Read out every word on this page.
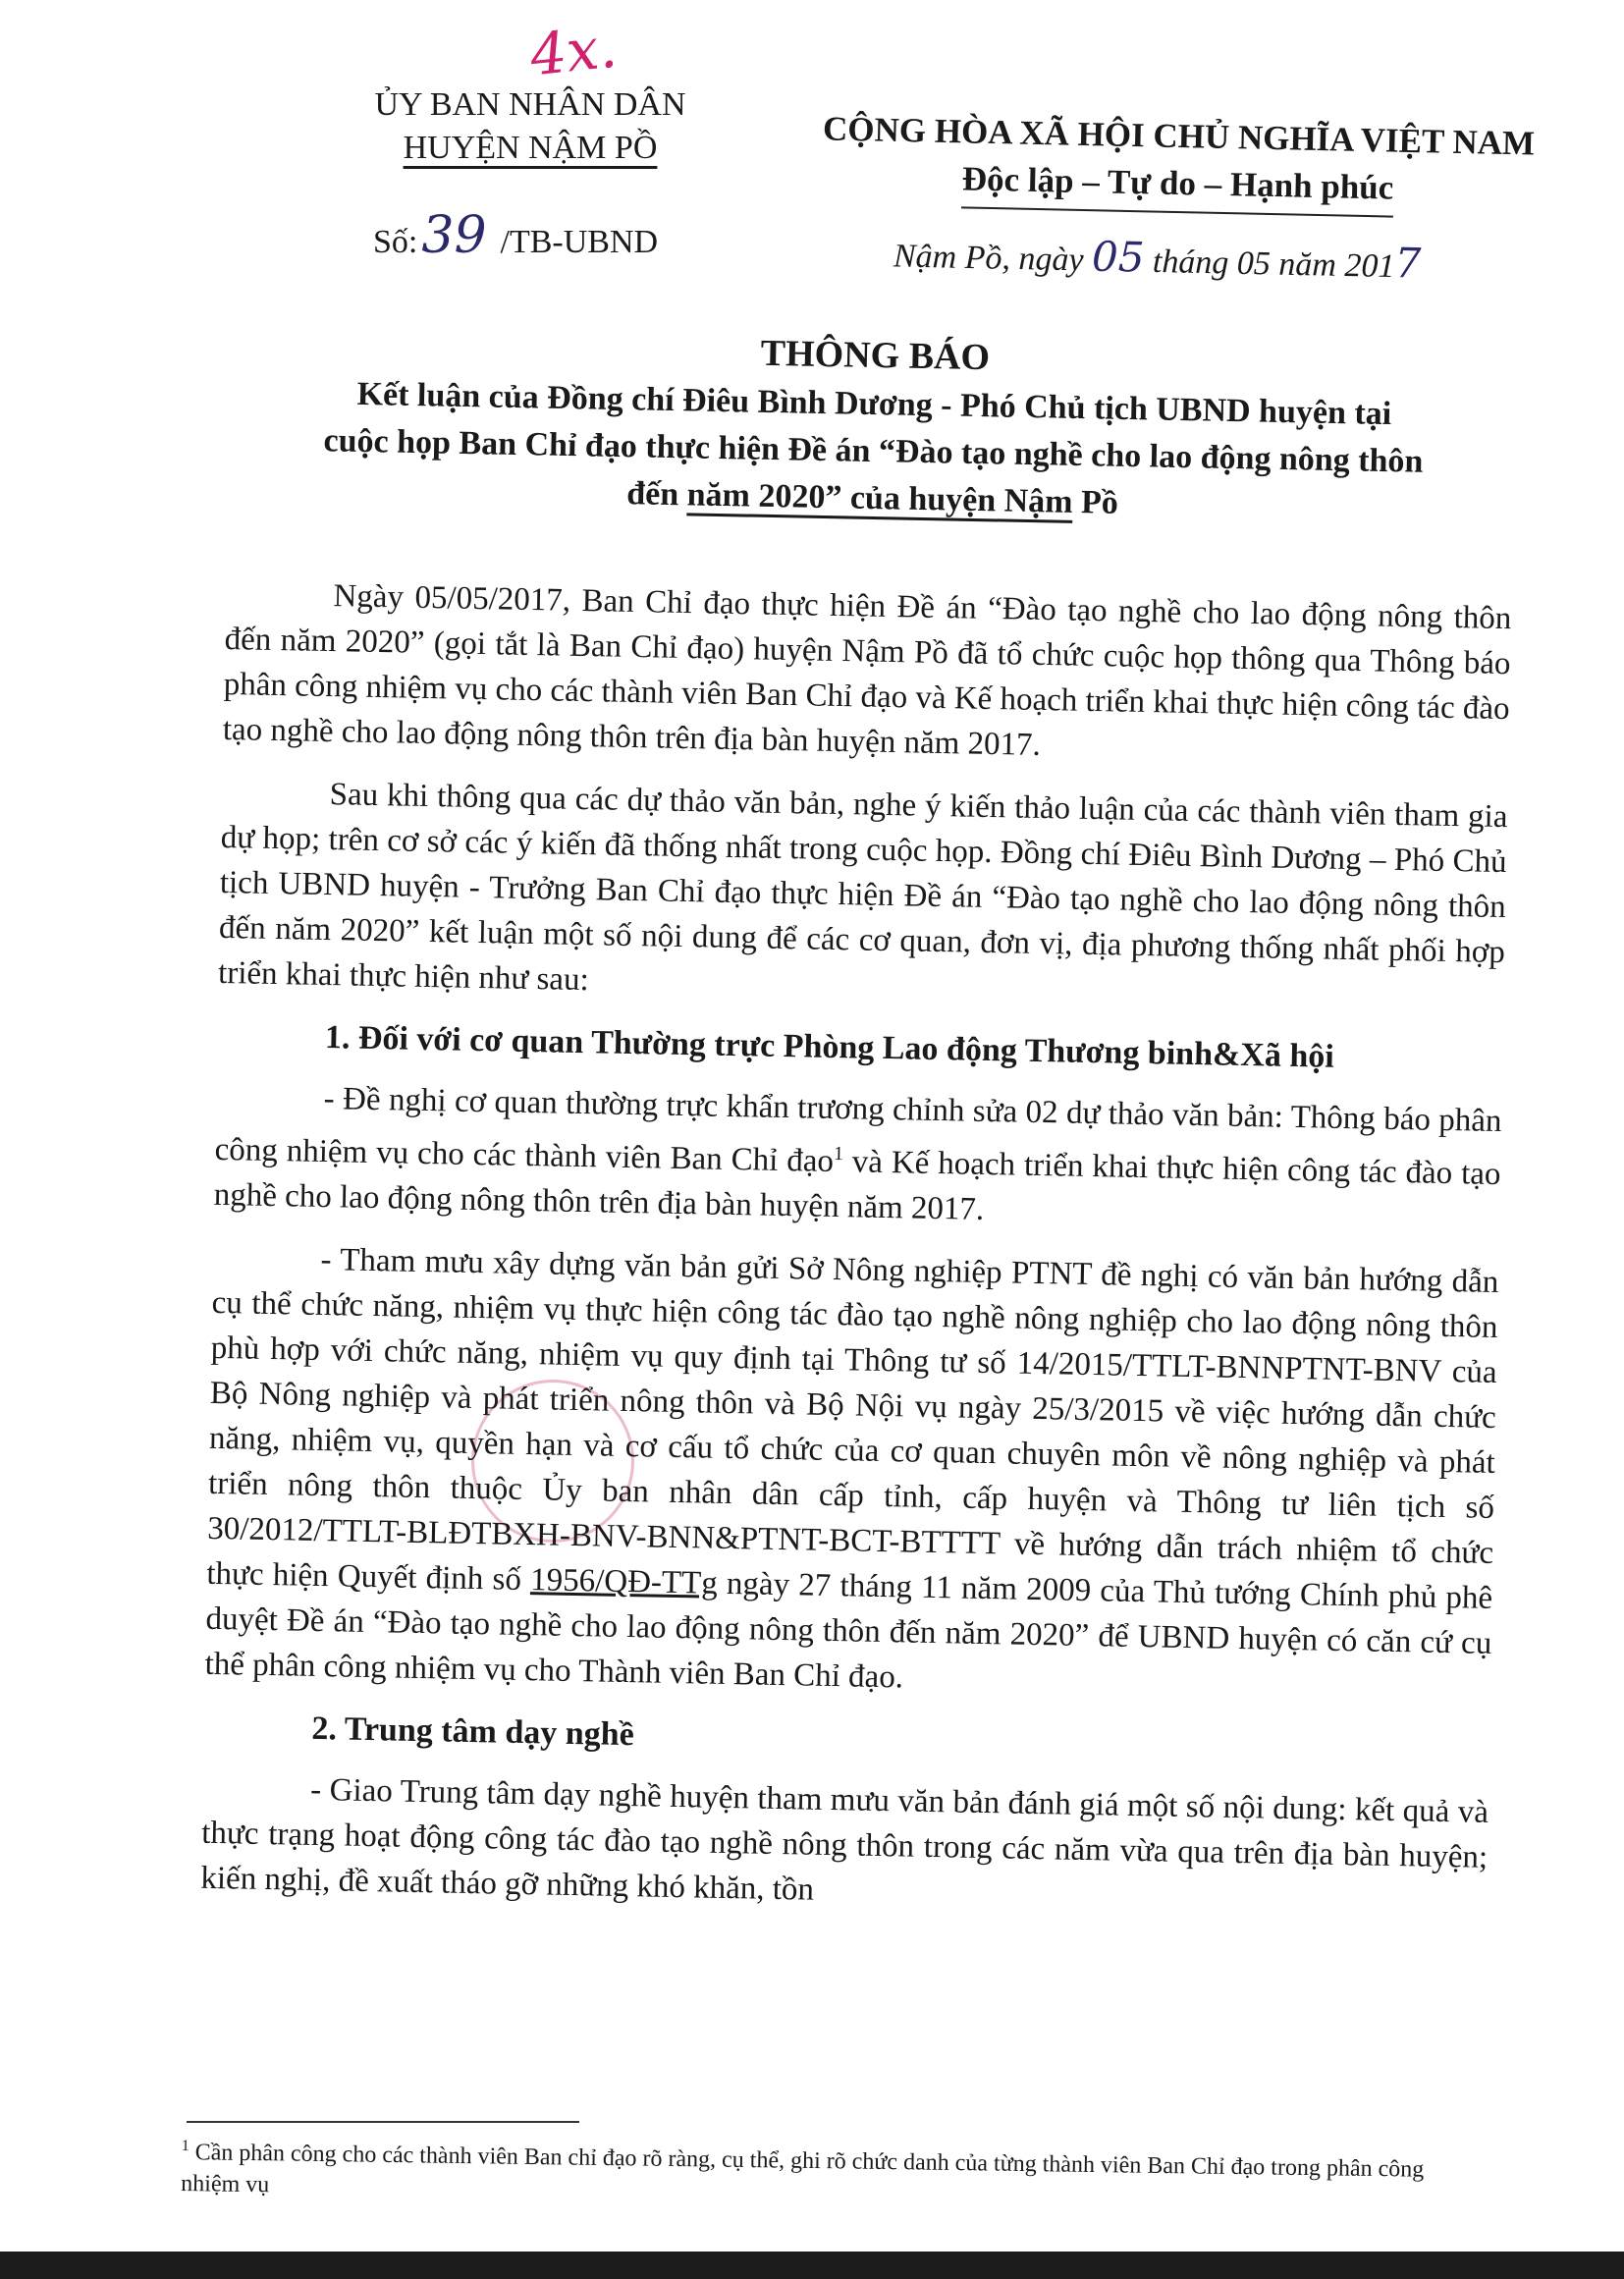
4x.
ỦY BAN NHÂN DÂN
HUYỆN NẬM PỒ
Số:39 /TB-UBND
CỘNG HÒA XÃ HỘI CHỦ NGHĨA VIỆT NAM
Độc lập – Tự do – Hạnh phúc
Nậm Pồ, ngày 05 tháng 05 năm 2017
THÔNG BÁO
Kết luận của Đồng chí Điêu Bình Dương - Phó Chủ tịch UBND huyện tại
cuộc họp Ban Chỉ đạo thực hiện Đề án “Đào tạo nghề cho lao động nông thôn
đến năm 2020” của huyện Nậm Pồ

Ngày 05/05/2017, Ban Chỉ đạo thực hiện Đề án “Đào tạo nghề cho lao động nông thôn đến năm 2020” (gọi tắt là Ban Chỉ đạo) huyện Nậm Pồ đã tổ chức cuộc họp thông qua Thông báo phân công nhiệm vụ cho các thành viên Ban Chỉ đạo và Kế hoạch triển khai thực hiện công tác đào tạo nghề cho lao động nông thôn trên địa bàn huyện năm 2017.

Sau khi thông qua các dự thảo văn bản, nghe ý kiến thảo luận của các thành viên tham gia dự họp; trên cơ sở các ý kiến đã thống nhất trong cuộc họp. Đồng chí Điêu Bình Dương – Phó Chủ tịch UBND huyện - Trưởng Ban Chỉ đạo thực hiện Đề án “Đào tạo nghề cho lao động nông thôn đến năm 2020” kết luận một số nội dung để các cơ quan, đơn vị, địa phương thống nhất phối hợp triển khai thực hiện như sau:

1. Đối với cơ quan Thường trực Phòng Lao động Thương binh&Xã hội

- Đề nghị cơ quan thường trực khẩn trương chỉnh sửa 02 dự thảo văn bản: Thông báo phân công nhiệm vụ cho các thành viên Ban Chỉ đạo$^1$ và Kế hoạch triển khai thực hiện công tác đào tạo nghề cho lao động nông thôn trên địa bàn huyện năm 2017.

- Tham mưu xây dựng văn bản gửi Sở Nông nghiệp PTNT đề nghị có văn bản hướng dẫn cụ thể chức năng, nhiệm vụ thực hiện công tác đào tạo nghề nông nghiệp cho lao động nông thôn phù hợp với chức năng, nhiệm vụ quy định tại Thông tư số 14/2015/TTLT-BNNPTNT-BNV của Bộ Nông nghiệp và phát triển nông thôn và Bộ Nội vụ ngày 25/3/2015 về việc hướng dẫn chức năng, nhiệm vụ, quyền hạn và cơ cấu tổ chức của cơ quan chuyên môn về nông nghiệp và phát triển nông thôn thuộc Ủy ban nhân dân cấp tỉnh, cấp huyện và Thông tư liên tịch số 30/2012/TTLT-BLĐTBXH-BNV-BNN&PTNT-BCT-BTTTT về hướng dẫn trách nhiệm tổ chức thực hiện Quyết định số 1956/QĐ-TTg ngày 27 tháng 11 năm 2009 của Thủ tướng Chính phủ phê duyệt Đề án “Đào tạo nghề cho lao động nông thôn đến năm 2020” để UBND huyện có căn cứ cụ thể phân công nhiệm vụ cho Thành viên Ban Chỉ đạo.

2. Trung tâm dạy nghề

- Giao Trung tâm dạy nghề huyện tham mưu văn bản đánh giá một số nội dung: kết quả và thực trạng hoạt động công tác đào tạo nghề nông thôn trong các năm vừa qua trên địa bàn huyện; kiến nghị, đề xuất tháo gỡ những khó khăn, tồn

$^1$ Cần phân công cho các thành viên Ban chỉ đạo rõ ràng, cụ thể, ghi rõ chức danh của từng thành viên Ban Chỉ đạo trong phân công nhiệm vụ
